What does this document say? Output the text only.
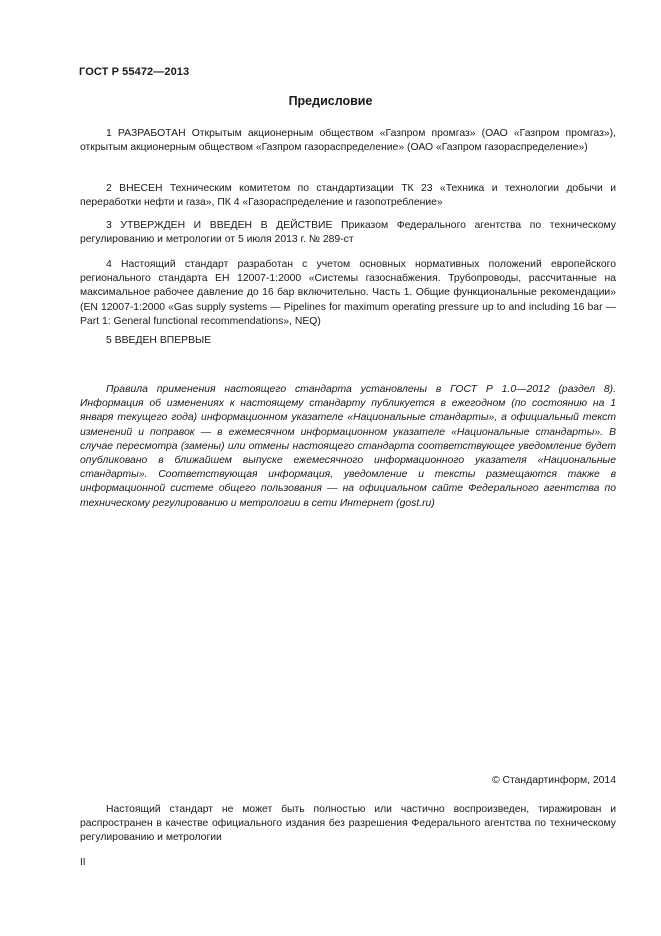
ГОСТ Р 55472—2013
Предисловие
1 РАЗРАБОТАН Открытым акционерным обществом «Газпром промгаз» (ОАО «Газпром промгаз»), открытым акционерным обществом «Газпром газораспределение» (ОАО «Газпром газораспределение»)
2 ВНЕСЕН Техническим комитетом по стандартизации ТК 23 «Техника и технологии добычи и переработки нефти и газа», ПК 4 «Газораспределение и газопотребление»
3 УТВЕРЖДЕН И ВВЕДЕН В ДЕЙСТВИЕ Приказом Федерального агентства по техническому регулированию и метрологии от 5 июля 2013 г. № 289-ст
4 Настоящий стандарт разработан с учетом основных нормативных положений европейского регионального стандарта ЕН 12007-1:2000 «Системы газоснабжения. Трубопроводы, рассчитанные на максимальное рабочее давление до 16 бар включительно. Часть 1. Общие функциональные рекомендации» (EN 12007-1:2000 «Gas supply systems — Pipelines for maximum operating pressure up to and including 16 bar — Part 1: General functional recommendations», NEQ)
5 ВВЕДЕН ВПЕРВЫЕ
Правила применения настоящего стандарта установлены в ГОСТ Р 1.0—2012 (раздел 8). Информация об изменениях к настоящему стандарту публикуется в ежегодном (по состоянию на 1 января текущего года) информационном указателе «Национальные стандарты», а официальный текст изменений и поправок — в ежемесячном информационном указателе «Национальные стандарты». В случае пересмотра (замены) или отмены настоящего стандарта соответствующее уведомление будет опубликовано в ближайшем выпуске ежемесячного информационного указателя «Национальные стандарты». Соответствующая информация, уведомление и тексты размещаются также в информационной системе общего пользования — на официальном сайте Федерального агентства по техническому регулированию и метрологии в сети Интернет (gost.ru)
© Стандартинформ, 2014
Настоящий стандарт не может быть полностью или частично воспроизведен, тиражирован и распространен в качестве официального издания без разрешения Федерального агентства по техническому регулированию и метрологии
II
